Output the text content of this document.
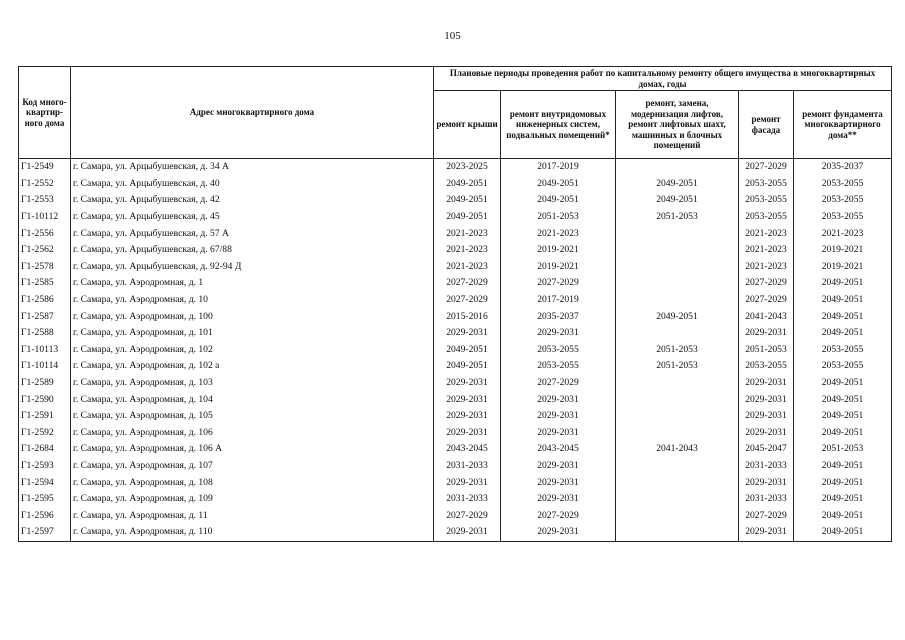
105
Код много-квартир-ного дома	Адрес многоквартирного дома	Плановые периоды проведения работ по капитальному ремонту общего имущества в многоквартирных домах, годы				
		ремонт крыши	ремонт внутридомовых инженерных систем, подвальных помещений*	ремонт, замена, модернизация лифтов, ремонт лифтовых шахт, машинных и блочных помещений	ремонт фасада	ремонт фундамента многоквартирного дома**
Г1-2549	г. Самара, ул. Арцыбушевская, д. 34 А	2023-2025	2017-2019		2027-2029	2035-2037
Г1-2552	г. Самара, ул. Арцыбушевская, д. 40	2049-2051	2049-2051	2049-2051	2053-2055	2053-2055
Г1-2553	г. Самара, ул. Арцыбушевская, д. 42	2049-2051	2049-2051	2049-2051	2053-2055	2053-2055
Г1-10112	г. Самара, ул. Арцыбушевская, д. 45	2049-2051	2051-2053	2051-2053	2053-2055	2053-2055
Г1-2556	г. Самара, ул. Арцыбушевская, д. 57 А	2021-2023	2021-2023		2021-2023	2021-2023
Г1-2562	г. Самара, ул. Арцыбушевская, д. 67/88	2021-2023	2019-2021		2021-2023	2019-2021
Г1-2578	г. Самара, ул. Арцыбушевская, д. 92-94 Д	2021-2023	2019-2021		2021-2023	2019-2021
Г1-2585	г. Самара, ул. Аэродромная, д. 1	2027-2029	2027-2029		2027-2029	2049-2051
Г1-2586	г. Самара, ул. Аэродромная, д. 10	2027-2029	2017-2019		2027-2029	2049-2051
Г1-2587	г. Самара, ул. Аэродромная, д. 100	2015-2016	2035-2037	2049-2051	2041-2043	2049-2051
Г1-2588	г. Самара, ул. Аэродромная, д. 101	2029-2031	2029-2031		2029-2031	2049-2051
Г1-10113	г. Самара, ул. Аэродромная, д. 102	2049-2051	2053-2055	2051-2053	2051-2053	2053-2055
Г1-10114	г. Самара, ул. Аэродромная, д. 102 а	2049-2051	2053-2055	2051-2053	2053-2055	2053-2055
Г1-2589	г. Самара, ул. Аэродромная, д. 103	2029-2031	2027-2029		2029-2031	2049-2051
Г1-2590	г. Самара, ул. Аэродромная, д. 104	2029-2031	2029-2031		2029-2031	2049-2051
Г1-2591	г. Самара, ул. Аэродромная, д. 105	2029-2031	2029-2031		2029-2031	2049-2051
Г1-2592	г. Самара, ул. Аэродромная, д. 106	2029-2031	2029-2031		2029-2031	2049-2051
Г1-2684	г. Самара, ул. Аэродромная, д. 106 А	2043-2045	2043-2045	2041-2043	2045-2047	2051-2053
Г1-2593	г. Самара, ул. Аэродромная, д. 107	2031-2033	2029-2031		2031-2033	2049-2051
Г1-2594	г. Самара, ул. Аэродромная, д. 108	2029-2031	2029-2031		2029-2031	2049-2051
Г1-2595	г. Самара, ул. Аэродромная, д. 109	2031-2033	2029-2031		2031-2033	2049-2051
Г1-2596	г. Самара, ул. Аэродромная, д. 11	2027-2029	2027-2029		2027-2029	2049-2051
Г1-2597	г. Самара, ул. Аэродромная, д. 110	2029-2031	2029-2031		2029-2031	2049-2051
